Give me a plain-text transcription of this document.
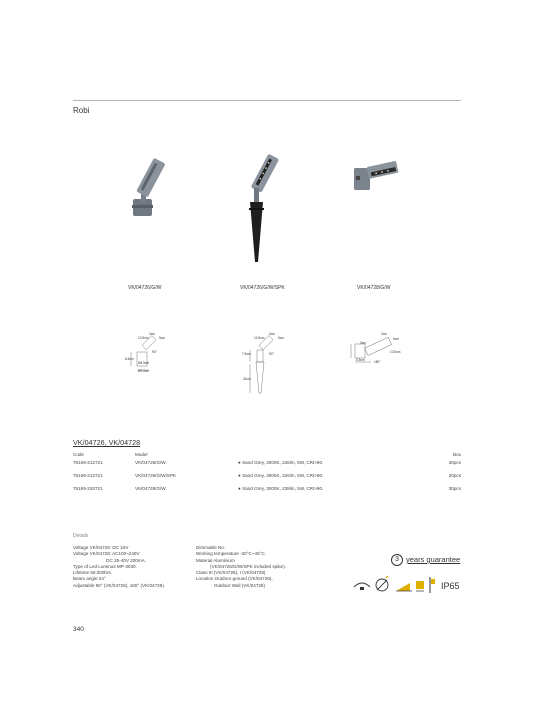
Robi
VK/04726/G/W	VK/04726/G/W/SPK	VK/04728/G/W
2cm
10.5cm	5cm
8.5cm
90°
Ø4.5cm
Ø5.5cm
2cm
10.5cm	5cm
7.5cm	90°
31cm
2cm
5cm
3cm
10.5cm
6.5cm	180°
VK/04726, VK/04728
Code	Model	Box
75169-212721	VK/04726/G/W	● Sand Grey, 3000K, 226lm, 5W, CRI>90.	30pcs
75169-213721	VK/04726/G/W/SPK	● Sand Grey, 3000K, 226lm, 5W, CRI>90.	20pcs
75169-220721	VK/04728/G/W	● Sand Grey, 3000K, 239lm, 5W, CRI>90.	30pcs
Details
Voltage VK/04726: DC 24V
Voltage VK/04728: AC100~240V
DC 25-40V 200mA.
Type of Led Luminus MP-3030.
Lifetime 50.000hrs.
Beam angle 24°
Adjustable 90° (VK/04726), 180° (VK/04728).
Dimmable No.
Working temperature -20°C~45°C.
Material Aluminium
(VK/04726/G/W/SPK included spike).
Class III (VK/04726), I (VK/04728)
Location Outdoor ground (VK/04726),
Outdoor Wall (VK/04728)
3 years guarantee
IP65
340
